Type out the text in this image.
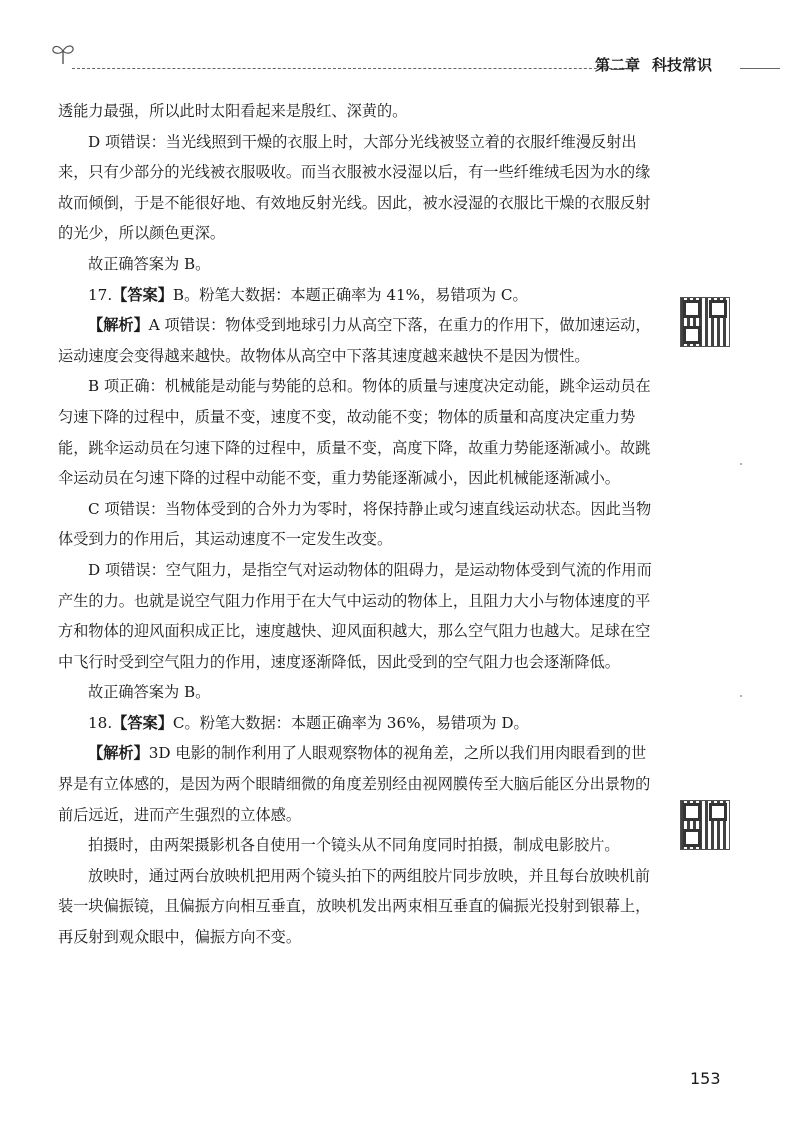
第二章 科技常识

透能力最强，所以此时太阳看起来是殷红、深黄的。

D 项错误：当光线照到干燥的衣服上时，大部分光线被竖立着的衣服纤维漫反射出来，只有少部分的光线被衣服吸收。而当衣服被水浸湿以后，有一些纤维绒毛因为水的缘故而倾倒，于是不能很好地、有效地反射光线。因此，被水浸湿的衣服比干燥的衣服反射的光少，所以颜色更深。

故正确答案为 B。

17.【答案】B。粉笔大数据：本题正确率为 41%，易错项为 C。

【解析】A 项错误：物体受到地球引力从高空下落，在重力的作用下，做加速运动，运动速度会变得越来越快。故物体从高空中下落其速度越来越快不是因为惯性。

B 项正确：机械能是动能与势能的总和。物体的质量与速度决定动能，跳伞运动员在匀速下降的过程中，质量不变，速度不变，故动能不变；物体的质量和高度决定重力势能，跳伞运动员在匀速下降的过程中，质量不变，高度下降，故重力势能逐渐减小。故跳伞运动员在匀速下降的过程中动能不变，重力势能逐渐减小，因此机械能逐渐减小。

C 项错误：当物体受到的合外力为零时，将保持静止或匀速直线运动状态。因此当物体受到力的作用后，其运动速度不一定发生改变。

D 项错误：空气阻力，是指空气对运动物体的阻碍力，是运动物体受到气流的作用而产生的力。也就是说空气阻力作用于在大气中运动的物体上，且阻力大小与物体速度的平方和物体的迎风面积成正比，速度越快、迎风面积越大，那么空气阻力也越大。足球在空中飞行时受到空气阻力的作用，速度逐渐降低，因此受到的空气阻力也会逐渐降低。

故正确答案为 B。

18.【答案】C。粉笔大数据：本题正确率为 36%，易错项为 D。

【解析】3D 电影的制作利用了人眼观察物体的视角差，之所以我们用肉眼看到的世界是有立体感的，是因为两个眼睛细微的角度差别经由视网膜传至大脑后能区分出景物的前后远近，进而产生强烈的立体感。

拍摄时，由两架摄影机各自使用一个镜头从不同角度同时拍摄，制成电影胶片。

放映时，通过两台放映机把用两个镜头拍下的两组胶片同步放映，并且每台放映机前装一块偏振镜，且偏振方向相互垂直，放映机发出两束相互垂直的偏振光投射到银幕上，再反射到观众眼中，偏振方向不变。

153
